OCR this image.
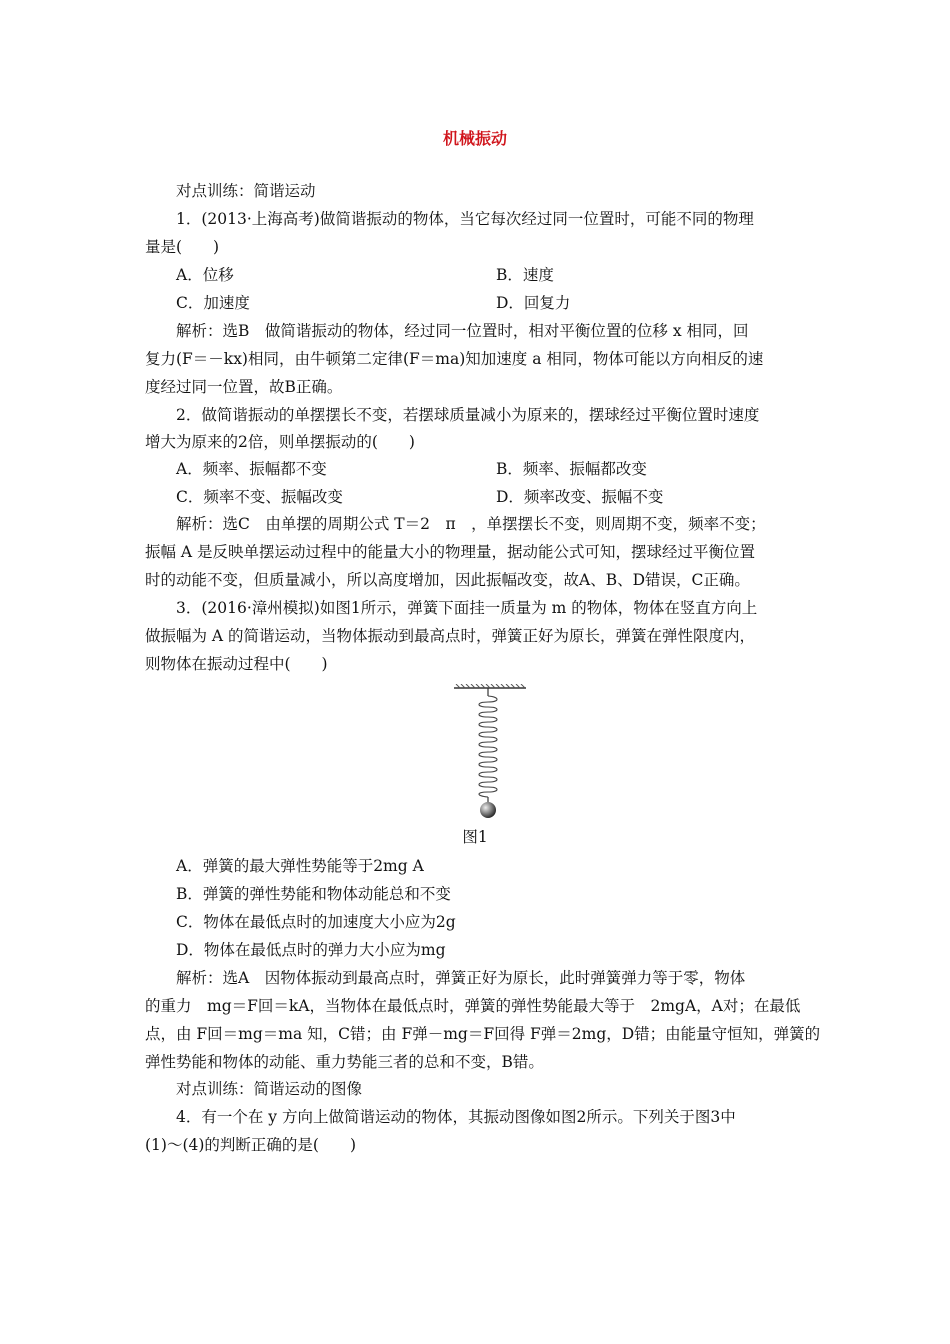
机械振动
对点训练：简谐运动
1．(2013·上海高考)做简谐振动的物体，当它每次经过同一位置时，可能不同的物理
量是(　　)
A．位移	B．速度
C．加速度	D．回复力
解析：选B　做简谐振动的物体，经过同一位置时，相对平衡位置的位移 x 相同，回
复力(F＝－kx)相同，由牛顿第二定律(F＝ma)知加速度 a 相同，物体可能以方向相反的速
度经过同一位置，故B正确。
2．做简谐振动的单摆摆长不变，若摆球质量减小为原来的，摆球经过平衡位置时速度
增大为原来的2倍，则单摆振动的(　　)
A．频率、振幅都不变	B．频率、振幅都改变
C．频率不变、振幅改变	D．频率改变、振幅不变
解析：选C　由单摆的周期公式 T＝2　π　，单摆摆长不变，则周期不变，频率不变；
振幅 A 是反映单摆运动过程中的能量大小的物理量，据动能公式可知，摆球经过平衡位置
时的动能不变，但质量减小，所以高度增加，因此振幅改变，故A、B、D错误，C正确。
3．(2016·漳州模拟)如图1所示，弹簧下面挂一质量为 m 的物体，物体在竖直方向上
做振幅为 A 的简谐运动，当物体振动到最高点时，弹簧正好为原长，弹簧在弹性限度内，
则物体在振动过程中(　　)
图1
A．弹簧的最大弹性势能等于2mg A
B．弹簧的弹性势能和物体动能总和不变
C．物体在最低点时的加速度大小应为2g
D．物体在最低点时的弹力大小应为mg
解析：选A　因物体振动到最高点时，弹簧正好为原长，此时弹簧弹力等于零，物体
的重力　mg＝F回＝kA，当物体在最低点时，弹簧的弹性势能最大等于　2mgA，A对；在最低
点，由 F回＝mg＝ma 知，C错；由 F弹－mg＝F回得 F弹＝2mg，D错；由能量守恒知，弹簧的
弹性势能和物体的动能、重力势能三者的总和不变，B错。
对点训练：简谐运动的图像
4．有一个在 y 方向上做简谐运动的物体，其振动图像如图2所示。下列关于图3中
(1)～(4)的判断正确的是(　　)
